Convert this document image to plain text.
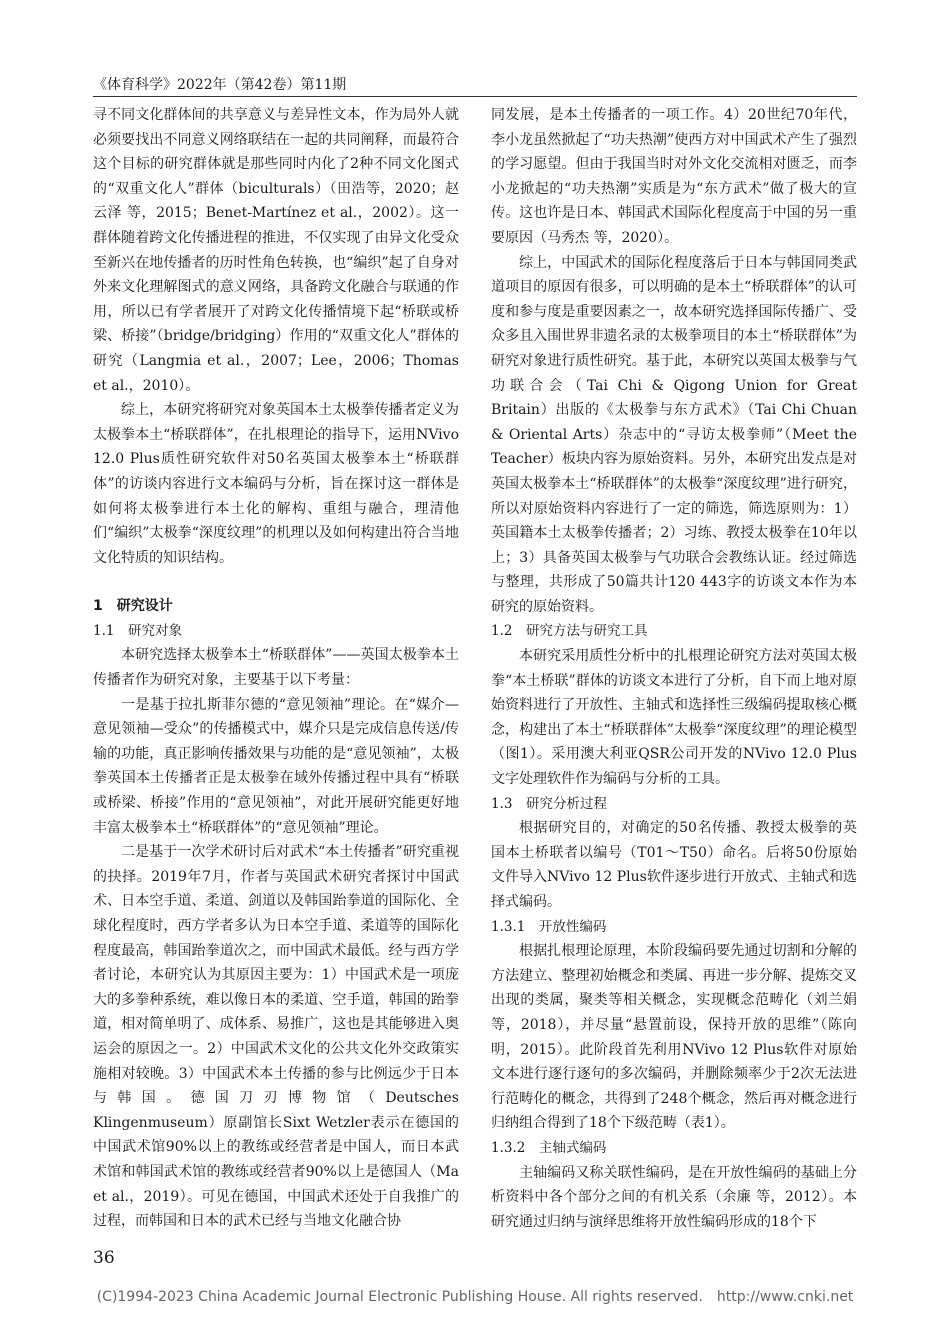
《体育科学》2022年（第42卷）第11期

寻不同文化群体间的共享意义与差异性文本，作为局外人就必须要找出不同意义网络联结在一起的共同阐释，而最符合这个目标的研究群体就是那些同时内化了2种不同文化图式的“双重文化人”群体（biculturals）（田浩等，2020；赵云泽 等，2015；Benet-Martínez et al.，2002）。这一群体随着跨文化传播进程的推进，不仅实现了由异文化受众至新兴在地传播者的历时性角色转换，也“编织”起了自身对外来文化理解图式的意义网络，具备跨文化融合与联通的作用，所以已有学者展开了对跨文化传播情境下起“桥联或桥梁、桥接”（bridge/bridging）作用的“双重文化人”群体的研究（Langmia et al.，2007；Lee，2006；Thomas et al.，2010）。

综上，本研究将研究对象英国本土太极拳传播者定义为太极拳本土“桥联群体”，在扎根理论的指导下，运用NVivo 12.0 Plus质性研究软件对50名英国太极拳本土“桥联群体”的访谈内容进行文本编码与分析，旨在探讨这一群体是如何将太极拳进行本土化的解构、重组与融合，理清他们“编织”太极拳“深度纹理”的机理以及如何构建出符合当地文化特质的知识结构。

1　研究设计

1.1　研究对象

本研究选择太极拳本土“桥联群体”——英国太极拳本土传播者作为研究对象，主要基于以下考量：

一是基于拉扎斯菲尔德的“意见领袖”理论。在“媒介—意见领袖—受众”的传播模式中，媒介只是完成信息传送/传输的功能，真正影响传播效果与功能的是“意见领袖”，太极拳英国本土传播者正是太极拳在域外传播过程中具有“桥联或桥梁、桥接”作用的“意见领袖”，对此开展研究能更好地丰富太极拳本土“桥联群体”的“意见领袖”理论。

二是基于一次学术研讨后对武术“本土传播者”研究重视的抉择。2019年7月，作者与英国武术研究者探讨中国武术、日本空手道、柔道、剑道以及韩国跆拳道的国际化、全球化程度时，西方学者多认为日本空手道、柔道等的国际化程度最高，韩国跆拳道次之，而中国武术最低。经与西方学者讨论，本研究认为其原因主要为：1）中国武术是一项庞大的多拳种系统，难以像日本的柔道、空手道，韩国的跆拳道，相对简单明了、成体系、易推广，这也是其能够进入奥运会的原因之一。2）中国武术文化的公共文化外交政策实施相对较晚。3）中国武术本土传播的参与比例远少于日本与韩国。德国刀刃博物馆（Deutsches Klingenmuseum）原副馆长Sixt Wetzler表示在德国的中国武术馆90%以上的教练或经营者是中国人，而日本武术馆和韩国武术馆的教练或经营者90%以上是德国人（Ma et al.，2019）。可见在德国，中国武术还处于自我推广的过程，而韩国和日本的武术已经与当地文化融合协

同发展，是本土传播者的一项工作。4）20世纪70年代，李小龙虽然掀起了“功夫热潮”使西方对中国武术产生了强烈的学习愿望。但由于我国当时对外文化交流相对匮乏，而李小龙掀起的“功夫热潮”实质是为“东方武术”做了极大的宣传。这也许是日本、韩国武术国际化程度高于中国的另一重要原因（马秀杰 等，2020）。

综上，中国武术的国际化程度落后于日本与韩国同类武道项目的原因有很多，可以明确的是本土“桥联群体”的认可度和参与度是重要因素之一，故本研究选择国际传播广、受众多且入围世界非遗名录的太极拳项目的本土“桥联群体”为研究对象进行质性研究。基于此，本研究以英国太极拳与气功联合会（Tai Chi & Qigong Union for Great Britain）出版的《太极拳与东方武术》（Tai Chi Chuan & Oriental Arts）杂志中的“寻访太极拳师”（Meet the Teacher）板块内容为原始资料。另外，本研究出发点是对英国太极拳本土“桥联群体”的太极拳“深度纹理”进行研究，所以对原始资料内容进行了一定的筛选，筛选原则为：1）英国籍本土太极拳传播者；2）习练、教授太极拳在10年以上；3）具备英国太极拳与气功联合会教练认证。经过筛选与整理，共形成了50篇共计120 443字的访谈文本作为本研究的原始资料。

1.2　研究方法与研究工具

本研究采用质性分析中的扎根理论研究方法对英国太极拳“本土桥联”群体的访谈文本进行了分析，自下而上地对原始资料进行了开放性、主轴式和选择性三级编码提取核心概念，构建出了本土“桥联群体”太极拳“深度纹理”的理论模型（图1）。采用澳大利亚QSR公司开发的NVivo 12.0 Plus文字处理软件作为编码与分析的工具。

1.3　研究分析过程

根据研究目的，对确定的50名传播、教授太极拳的英国本土桥联者以编号（T01～T50）命名。后将50份原始文件导入NVivo 12 Plus软件逐步进行开放式、主轴式和选择式编码。

1.3.1　开放性编码

根据扎根理论原理，本阶段编码要先通过切割和分解的方法建立、整理初始概念和类属、再进一步分解、提炼交叉出现的类属，聚类等相关概念，实现概念范畴化（刘兰娟 等，2018），并尽量“悬置前设，保持开放的思维”（陈向明，2015）。此阶段首先利用NVivo 12 Plus软件对原始文本进行逐行逐句的多次编码，并删除频率少于2次无法进行范畴化的概念，共得到了248个概念，然后再对概念进行归纳组合得到了18个下级范畴（表1）。

1.3.2　主轴式编码

主轴编码又称关联性编码，是在开放性编码的基础上分析资料中各个部分之间的有机关系（余廉 等，2012）。本研究通过归纳与演绎思维将开放性编码形成的18个下

36
(C)1994-2023 China Academic Journal Electronic Publishing House. All rights reserved.　http://www.cnki.net
